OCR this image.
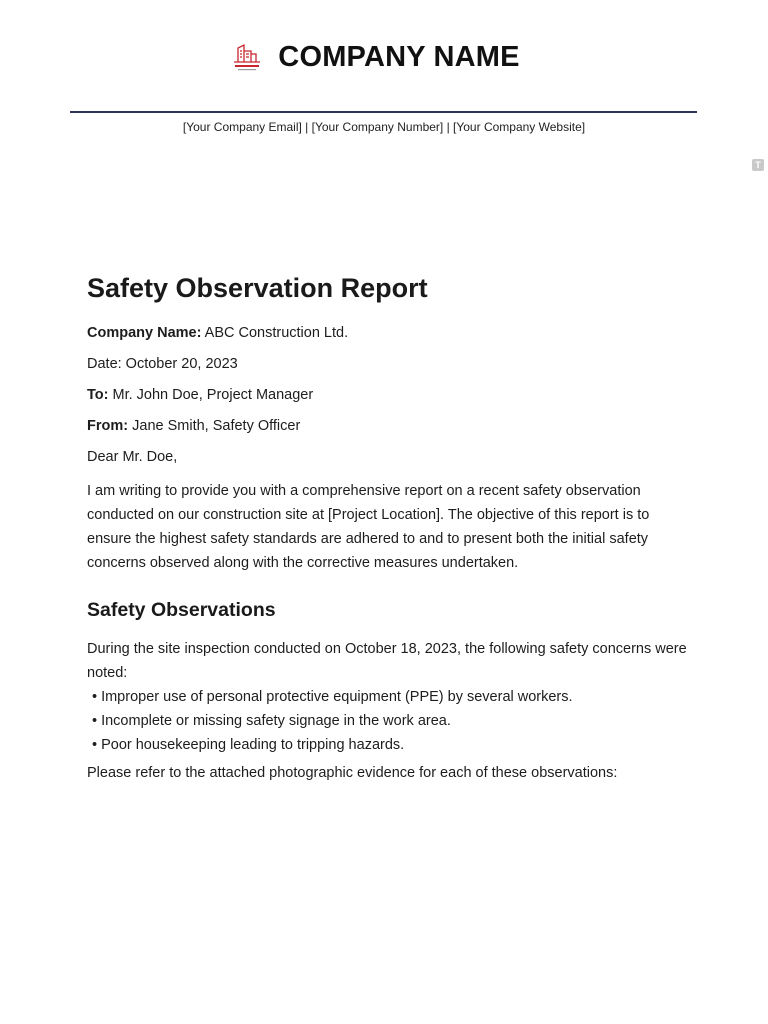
COMPANY NAME
[Your Company Email] | [Your Company Number] | [Your Company Website]
T
Safety Observation Report

Company Name: ABC Construction Ltd.

Date: October 20, 2023

To: Mr. John Doe, Project Manager

From: Jane Smith, Safety Officer

Dear Mr. Doe,

I am writing to provide you with a comprehensive report on a recent safety observation conducted on our construction site at [Project Location]. The objective of this report is to ensure the highest safety standards are adhered to and to present both the initial safety concerns observed along with the corrective measures undertaken.

Safety Observations

During the site inspection conducted on October 18, 2023, the following safety concerns were noted:

• Improper use of personal protective equipment (PPE) by several workers.
• Incomplete or missing safety signage in the work area.
• Poor housekeeping leading to tripping hazards.

Please refer to the attached photographic evidence for each of these observations:
